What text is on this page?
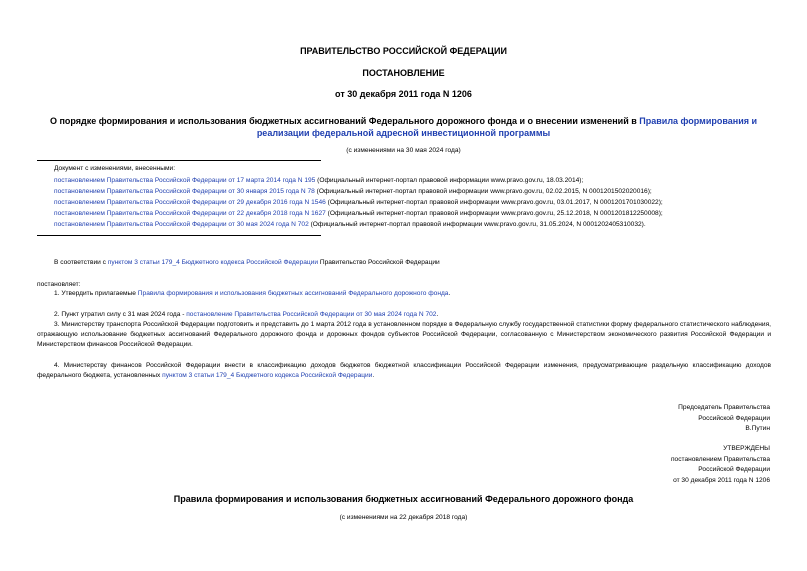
ПРАВИТЕЛЬСТВО РОССИЙСКОЙ ФЕДЕРАЦИИ
ПОСТАНОВЛЕНИЕ
от 30 декабря 2011 года N 1206
О порядке формирования и использования бюджетных ассигнований Федерального дорожного фонда и о внесении изменений в Правила формирования и
реализации федеральной адресной инвестиционной программы
(с изменениями на 30 мая 2024 года)
Документ с изменениями, внесенными:
постановлением Правительства Российской Федерации от 17 марта 2014 года N 195 (Официальный интернет-портал правовой информации www.pravo.gov.ru, 18.03.2014);
постановлением Правительства Российской Федерации от 30 января 2015 года N 78 (Официальный интернет-портал правовой информации www.pravo.gov.ru, 02.02.2015, N 0001201502020016);
постановлением Правительства Российской Федерации от 29 декабря 2016 года N 1546 (Официальный интернет-портал правовой информации www.pravo.gov.ru, 03.01.2017, N 0001201701030022);
постановлением Правительства Российской Федерации от 22 декабря 2018 года N 1627 (Официальный интернет-портал правовой информации www.pravo.gov.ru, 25.12.2018, N 0001201812250008);
постановлением Правительства Российской Федерации от 30 мая 2024 года N 702 (Официальный интернет-портал правовой информации www.pravo.gov.ru, 31.05.2024, N 0001202405310032).
В соответствии с пунктом 3 статьи 179_4 Бюджетного кодекса Российской Федерации Правительство Российской Федерации
постановляет:
1. Утвердить прилагаемые Правила формирования и использования бюджетных ассигнований Федерального дорожного фонда.
2. Пункт утратил силу с 31 мая 2024 года - постановление Правительства Российской Федерации от 30 мая 2024 года N 702.
3. Министерству транспорта Российской Федерации подготовить и представить до 1 марта 2012 года в установленном порядке в Федеральную службу государственной статистики форму федерального статистического наблюдения, отражающую использование бюджетных ассигнований Федерального дорожного фонда и дорожных фондов субъектов Российской Федерации, согласованную с Министерством экономического развития Российской Федерации и Министерством финансов Российской Федерации.
4. Министерству финансов Российской Федерации внести в классификацию доходов бюджетов бюджетной классификации Российской Федерации изменения, предусматривающие раздельную классификацию доходов федерального бюджета, установленных пунктом 3 статьи 179_4 Бюджетного кодекса Российской Федерации.
Председатель Правительства
Российской Федерации
В.Путин
УТВЕРЖДЕНЫ
постановлением Правительства
Российской Федерации
от 30 декабря 2011 года N 1206
Правила формирования и использования бюджетных ассигнований Федерального дорожного фонда
(с изменениями на 22 декабря 2018 года)
